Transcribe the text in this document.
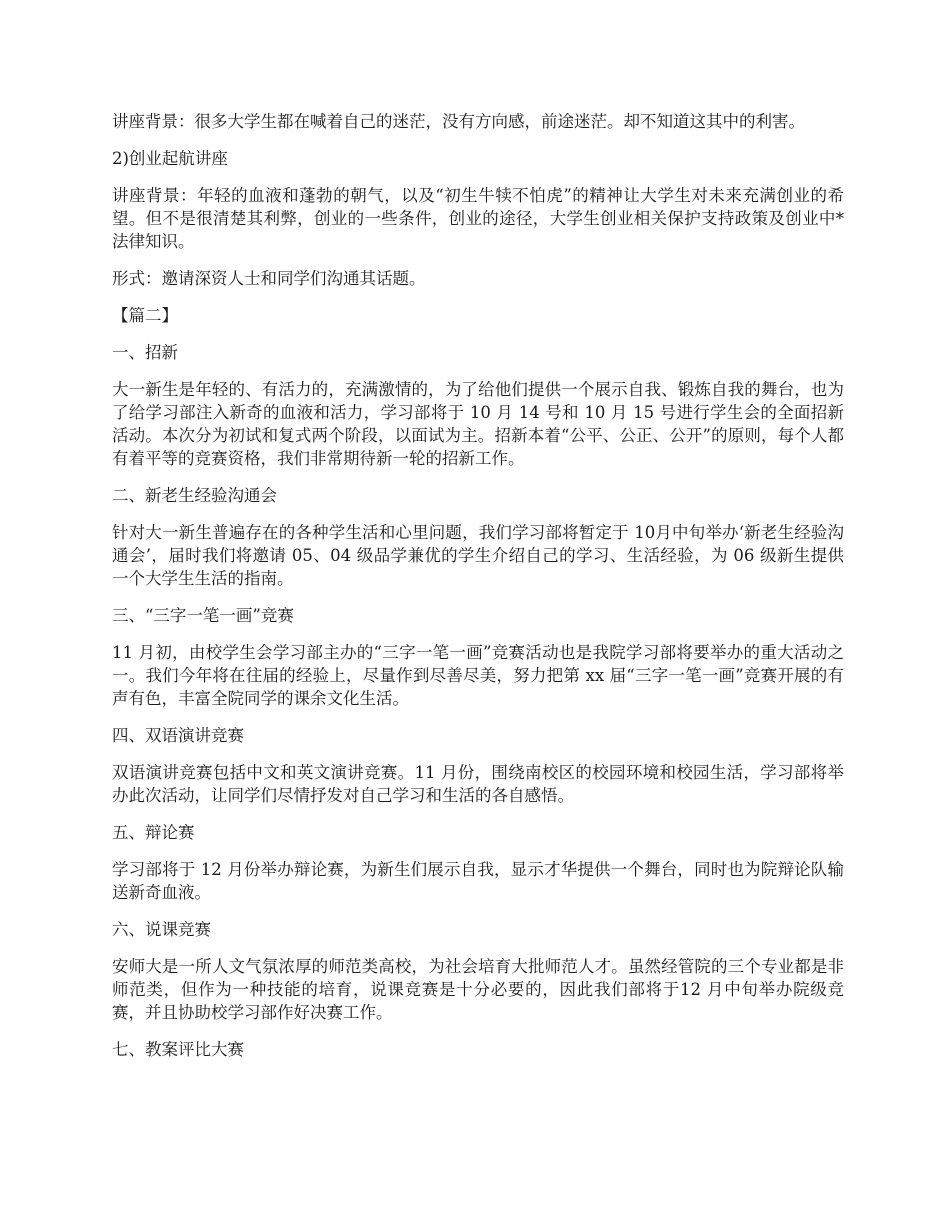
讲座背景：很多大学生都在喊着自己的迷茫，没有方向感，前途迷茫。却不知道这其中的利害。

2)创业起航讲座

讲座背景：年轻的血液和蓬勃的朝气，以及“初生牛犊不怕虎”的精神让大学生对未来充满创业的希望。但不是很清楚其利弊，创业的一些条件，创业的途径，大学生创业相关保护支持政策及创业中*法律知识。

形式：邀请深资人士和同学们沟通其话题。

【篇二】

一、招新

大一新生是年轻的、有活力的，充满激情的，为了给他们提供一个展示自我、锻炼自我的舞台，也为了给学习部注入新奇的血液和活力，学习部将于 10 月 14 号和 10 月 15 号进行学生会的全面招新活动。本次分为初试和复式两个阶段，以面试为主。招新本着“公平、公正、公开”的原则，每个人都有着平等的竞赛资格，我们非常期待新一轮的招新工作。

二、新老生经验沟通会

针对大一新生普遍存在的各种学生活和心里问题，我们学习部将暂定于 10月中旬举办‘新老生经验沟通会’，届时我们将邀请 05、04 级品学兼优的学生介绍自己的学习、生活经验，为 06 级新生提供一个大学生生活的指南。

三、“三字一笔一画”竞赛

11 月初，由校学生会学习部主办的“三字一笔一画”竞赛活动也是我院学习部将要举办的重大活动之一。我们今年将在往届的经验上，尽量作到尽善尽美，努力把第 xx 届“三字一笔一画”竞赛开展的有声有色，丰富全院同学的课余文化生活。

四、双语演讲竞赛

双语演讲竞赛包括中文和英文演讲竞赛。11 月份，围绕南校区的校园环境和校园生活，学习部将举办此次活动，让同学们尽情抒发对自己学习和生活的各自感悟。

五、辩论赛

学习部将于 12 月份举办辩论赛，为新生们展示自我，显示才华提供一个舞台，同时也为院辩论队输送新奇血液。

六、说课竞赛

安师大是一所人文气氛浓厚的师范类高校，为社会培育大批师范人才。虽然经管院的三个专业都是非师范类，但作为一种技能的培育，说课竞赛是十分必要的，因此我们部将于12 月中旬举办院级竞赛，并且协助校学习部作好决赛工作。

七、教案评比大赛
